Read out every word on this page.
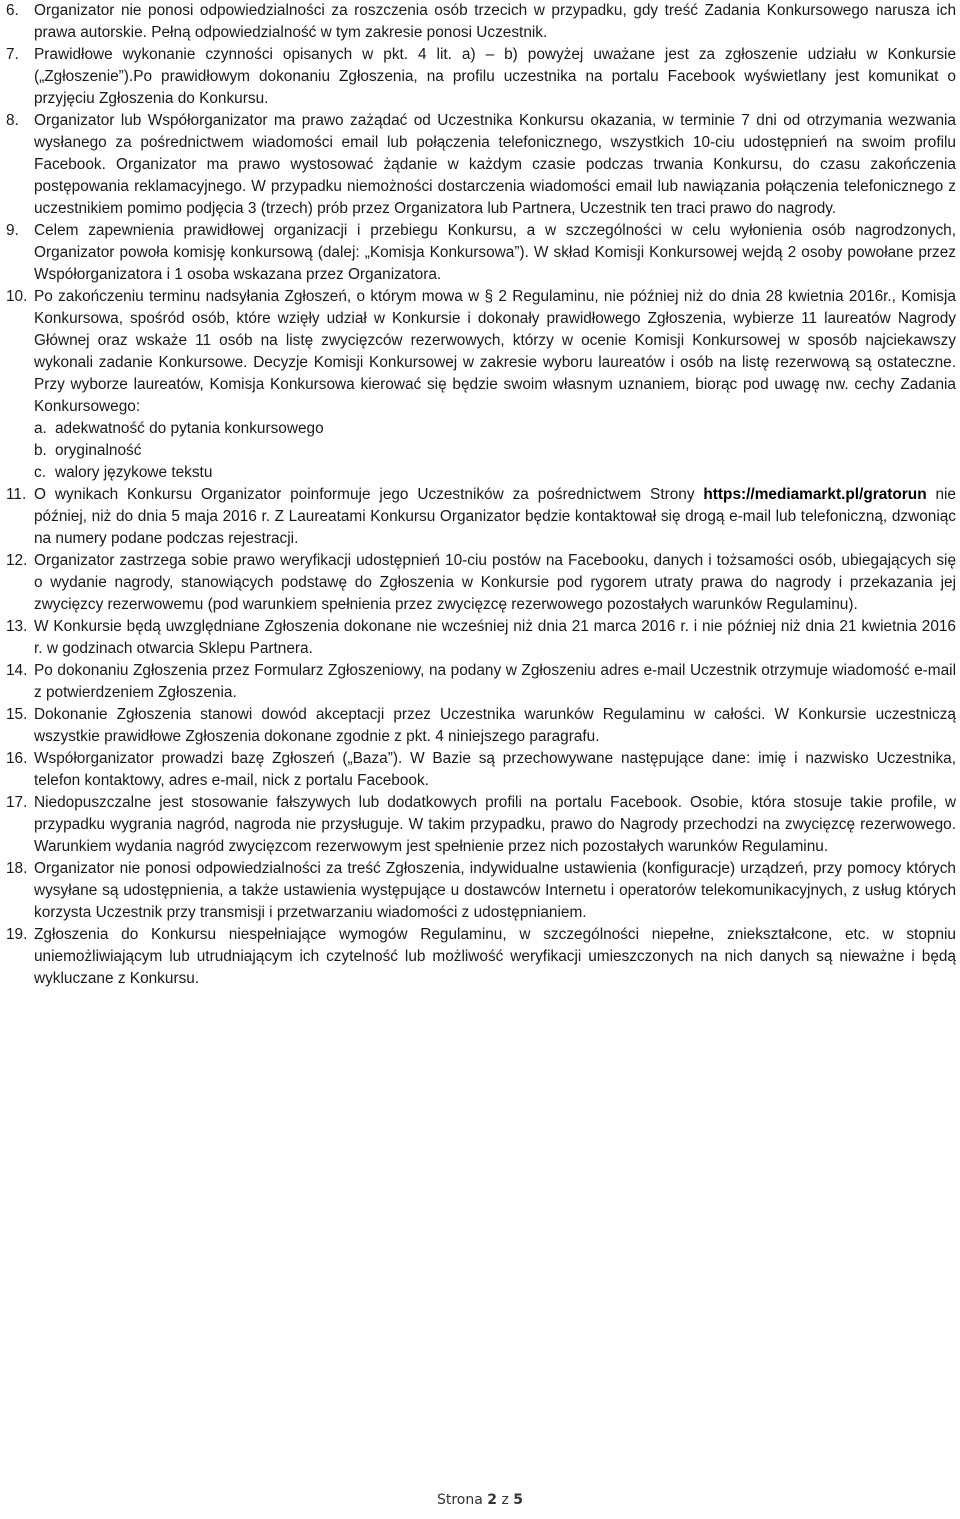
6. Organizator nie ponosi odpowiedzialności za roszczenia osób trzecich w przypadku, gdy treść Zadania Konkursowego narusza ich prawa autorskie. Pełną odpowiedzialność w tym zakresie ponosi Uczestnik.
7. Prawidłowe wykonanie czynności opisanych w pkt. 4 lit. a) – b) powyżej uważane jest za zgłoszenie udziału w Konkursie („Zgłoszenie”).Po prawidłowym dokonaniu Zgłoszenia, na profilu uczestnika na portalu Facebook wyświetlany jest komunikat o przyjęciu Zgłoszenia do Konkursu.
8. Organizator lub Współorganizator ma prawo zażądać od Uczestnika Konkursu okazania, w terminie 7 dni od otrzymania wezwania wysłanego za pośrednictwem wiadomości email lub połączenia telefonicznego, wszystkich 10-ciu udostępnień na swoim profilu Facebook. Organizator ma prawo wystosować żądanie w każdym czasie podczas trwania Konkursu, do czasu zakończenia postępowania reklamacyjnego. W przypadku niemożności dostarczenia wiadomości email lub nawiązania połączenia telefonicznego z uczestnikiem pomimo podjęcia 3 (trzech) prób przez Organizatora lub Partnera, Uczestnik ten traci prawo do nagrody.
9. Celem zapewnienia prawidłowej organizacji i przebiegu Konkursu, a w szczególności w celu wyłonienia osób nagrodzonych, Organizator powoła komisję konkursową (dalej: „Komisja Konkursowa”). W skład Komisji Konkursowej wejdą 2 osoby powołane przez Współorganizatora i 1 osoba wskazana przez Organizatora.
10. Po zakończeniu terminu nadsyłania Zgłoszeń, o którym mowa w § 2 Regulaminu, nie później niż do dnia 28 kwietnia 2016r., Komisja Konkursowa, spośród osób, które wzięły udział w Konkursie i dokonały prawidłowego Zgłoszenia, wybierze 11 laureatów Nagrody Głównej oraz wskaże 11 osób na listę zwycięzców rezerwowych, którzy w ocenie Komisji Konkursowej w sposób najciekawszy wykonali zadanie Konkursowe. Decyzje Komisji Konkursowej w zakresie wyboru laureatów i osób na listę rezerwową są ostateczne. Przy wyborze laureatów, Komisja Konkursowa kierować się będzie swoim własnym uznaniem, biorąc pod uwagę nw. cechy Zadania Konkursowego:
a. adekwatność do pytania konkursowego
b. oryginalność
c. walory językowe tekstu
11. O wynikach Konkursu Organizator poinformuje jego Uczestników za pośrednictwem Strony https://mediamarkt.pl/gratorun nie później, niż do dnia 5 maja 2016 r. Z Laureatami Konkursu Organizator będzie kontaktował się drogą e-mail lub telefoniczną, dzwoniąc na numery podane podczas rejestracji.
12. Organizator zastrzega sobie prawo weryfikacji udostępnień 10-ciu postów na Facebooku, danych i tożsamości osób, ubiegających się o wydanie nagrody, stanowiących podstawę do Zgłoszenia w Konkursie pod rygorem utraty prawa do nagrody i przekazania jej zwycięzcy rezerwowemu (pod warunkiem spełnienia przez zwycięzcę rezerwowego pozostałych warunków Regulaminu).
13. W Konkursie będą uwzględniane Zgłoszenia dokonane nie wcześniej niż dnia 21 marca 2016 r. i nie później niż dnia 21 kwietnia 2016 r. w godzinach otwarcia Sklepu Partnera.
14. Po dokonaniu Zgłoszenia przez Formularz Zgłoszeniowy, na podany w Zgłoszeniu adres e-mail Uczestnik otrzymuje wiadomość e-mail z potwierdzeniem Zgłoszenia.
15. Dokonanie Zgłoszenia stanowi dowód akceptacji przez Uczestnika warunków Regulaminu w całości. W Konkursie uczestniczą wszystkie prawidłowe Zgłoszenia dokonane zgodnie z pkt. 4 niniejszego paragrafu.
16. Współorganizator prowadzi bazę Zgłoszeń („Baza”). W Bazie są przechowywane następujące dane: imię i nazwisko Uczestnika, telefon kontaktowy, adres e-mail, nick z portalu Facebook.
17. Niedopuszczalne jest stosowanie fałszywych lub dodatkowych profili na portalu Facebook. Osobie, która stosuje takie profile, w przypadku wygrania nagród, nagroda nie przysługuje. W takim przypadku, prawo do Nagrody przechodzi na zwycięzcę rezerwowego. Warunkiem wydania nagród zwycięzcom rezerwowym jest spełnienie przez nich pozostałych warunków Regulaminu.
18. Organizator nie ponosi odpowiedzialności za treść Zgłoszenia, indywidualne ustawienia (konfiguracje) urządzeń, przy pomocy których wysyłane są udostępnienia, a także ustawienia występujące u dostawców Internetu i operatorów telekomunikacyjnych, z usług których korzysta Uczestnik przy transmisji i przetwarzaniu wiadomości z udostępnianiem.
19. Zgłoszenia do Konkursu niespełniające wymogów Regulaminu, w szczególności niepełne, zniekształcone, etc. w stopniu uniemożliwiającym lub utrudniającym ich czytelność lub możliwość weryfikacji umieszczonych na nich danych są nieważne i będą wykluczane z Konkursu.
Strona 2 z 5
